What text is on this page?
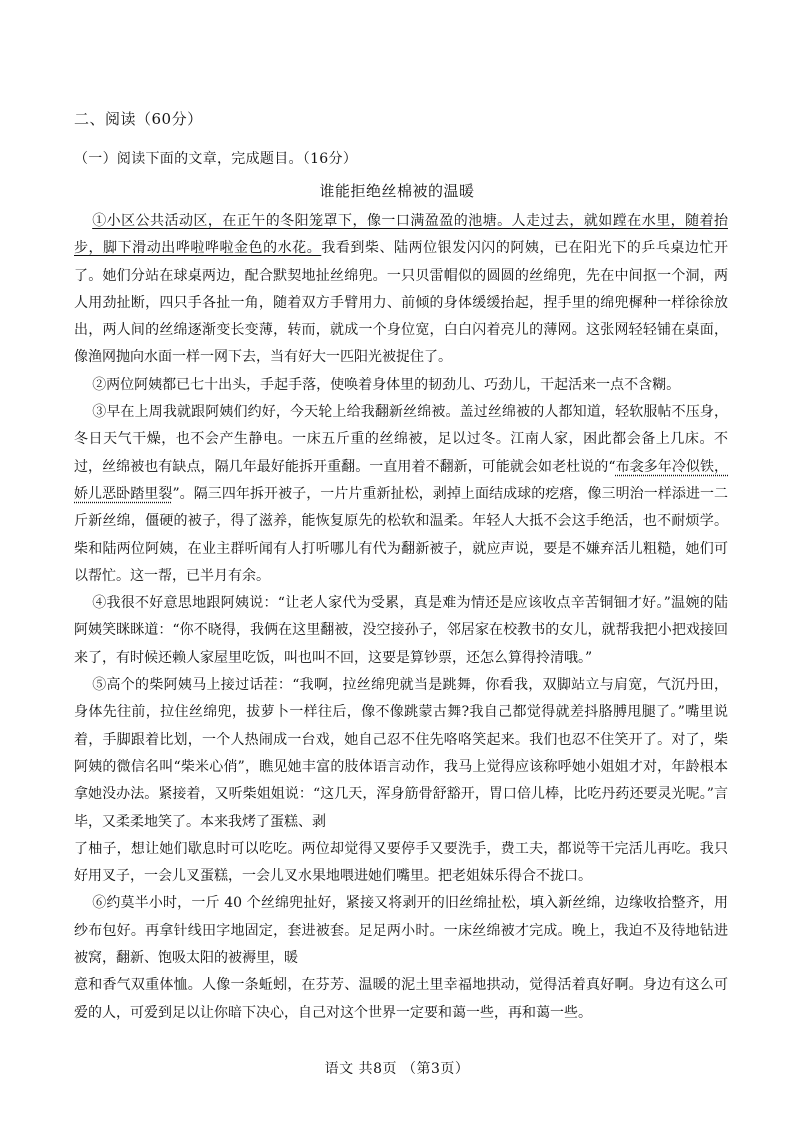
二、阅读（60分）
（一）阅读下面的文章，完成题目。（16分）
谁能拒绝丝棉被的温暖

①小区公共活动区，在正午的冬阳笼罩下，像一口满盈盈的池塘。人走过去，就如蹚在水里，随着抬步，脚下滑动出哗啦哗啦金色的水花。我看到柴、陆两位银发闪闪的阿姨，已在阳光下的乒乓桌边忙开了。她们分站在球桌两边，配合默契地扯丝绵兜。一只贝雷帽似的圆圆的丝绵兜，先在中间抠一个洞，两人用劲扯断，四只手各扯一角，随着双方手臂用力、前倾的身体缓缓抬起，捏手里的绵兜樨种一样徐徐放出，两人间的丝绵逐渐变长变薄，转而，就成一个身位宽，白白闪着亮儿的薄网。这张网轻轻铺在桌面，像渔网抛向水面一样一网下去，当有好大一匹阳光被捉住了。

②两位阿姨都已七十出头，手起手落，使唤着身体里的韧劲儿、巧劲儿，干起活来一点不含糊。

③早在上周我就跟阿姨们约好，今天轮上给我翻新丝绵被。盖过丝绵被的人都知道，轻软服帖不压身，冬日天气干燥，也不会产生静电。一床五斤重的丝绵被，足以过冬。江南人家，困此都会备上几床。不过，丝绵被也有缺点，隔几年最好能拆开重翻。一直用着不翻新，可能就会如老杜说的“布衾多年冷似铁，娇儿恶卧踏里裂”。隔三四年拆开被子，一片片重新扯松，剥掉上面结成球的疙瘩，像三明治一样添进一二斤新丝绵，僵硬的被子，得了滋养，能恢复原先的松软和温柔。年轻人大抵不会这手绝活，也不耐烦学。柴和陆两位阿姨，在业主群听闻有人打听哪儿有代为翻新被子，就应声说，要是不嫌弃活儿粗糙，她们可以帮忙。这一帮，已半月有余。

④我很不好意思地跟阿姨说：“让老人家代为受累，真是难为情还是应该收点辛苦铜钿才好。”温婉的陆阿姨笑眯眯道：“你不晓得，我俩在这里翻被，没空接孙子，邻居家在校教书的女儿，就帮我把小把戏接回来了，有时候还赖人家屋里吃饭，叫也叫不回，这要是算钞票，还怎么算得拎清哦。”

⑤高个的柴阿姨马上接过话茬：“我啊，拉丝绵兜就当是跳舞，你看我，双脚站立与肩宽，气沉丹田，身体先往前，拉住丝绵兜，拔萝卜一样往后，像不像跳蒙古舞?我自己都觉得就差抖胳膊甩腿了。”嘴里说着，手脚跟着比划，一个人热闹成一台戏，她自己忍不住先咯咯笑起来。我们也忍不住笑开了。对了，柴阿姨的微信名叫“柴米心俏”，瞧见她丰富的肢体语言动作，我马上觉得应该称呼她小姐姐才对，年龄根本拿她没办法。紧接着，又听柴姐姐说：“这几天，浑身筋骨舒豁开，胃口倍儿棒，比吃丹药还要灵光呢。”言毕，又柔柔地笑了。本来我烤了蛋糕、剥

了柚子，想让她们歇息时可以吃吃。两位却觉得又要停手又要洗手，费工夫，都说等干完活儿再吃。我只好用叉子，一会儿叉蛋糕，一会儿叉水果地喂进她们嘴里。把老姐妹乐得合不拢口。

⑥约莫半小时，一斤 40 个丝绵兜扯好，紧接又将剥开的旧丝绵扯松，填入新丝绵，边缘收拾整齐，用纱布包好。再拿针线田字地固定，套进被套。足足两小时。一床丝绵被才完成。晚上，我迫不及待地钻进被窝，翻新、饱吸太阳的被褥里，暖

意和香气双重体恤。人像一条蚯蚓，在芬芳、温暖的泥土里幸福地拱动，觉得活着真好啊。身边有这么可爱的人，可爱到足以让你暗下决心，自己对这个世界一定要和蔼一些，再和蔼一些。

语文 共8页 （第3页）
